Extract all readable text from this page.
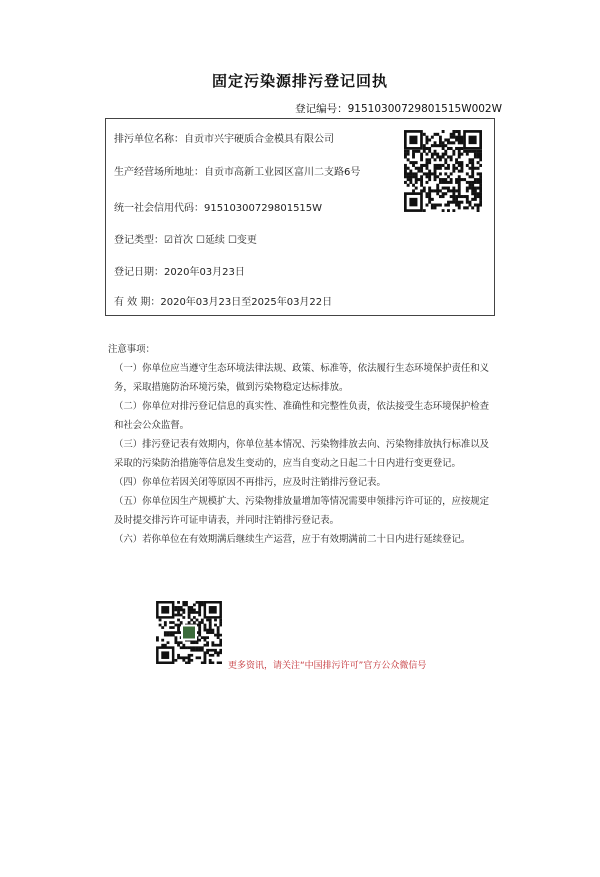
固定污染源排污登记回执
登记编号：91510300729801515W002W
排污单位名称：自贡市兴宇硬质合金模具有限公司
生产经营场所地址：自贡市高新工业园区富川二支路6号
统一社会信用代码：91510300729801515W
登记类型：☑首次 ☐延续 ☐变更
登记日期：2020年03月23日
有 效 期：2020年03月23日至2025年03月22日

注意事项：

（一）你单位应当遵守生态环境法律法规、政策、标准等，依法履行生态环境保护责任和义务，采取措施防治环境污染，做到污染物稳定达标排放。

（二）你单位对排污登记信息的真实性、准确性和完整性负责，依法接受生态环境保护检查和社会公众监督。

（三）排污登记表有效期内，你单位基本情况、污染物排放去向、污染物排放执行标准以及采取的污染防治措施等信息发生变动的，应当自变动之日起二十日内进行变更登记。

（四）你单位若因关闭等原因不再排污，应及时注销排污登记表。

（五）你单位因生产规模扩大、污染物排放量增加等情况需要申领排污许可证的，应按规定及时提交排污许可证申请表，并同时注销排污登记表。

（六）若你单位在有效期满后继续生产运营，应于有效期满前二十日内进行延续登记。

更多资讯，请关注“中国排污许可”官方公众微信号
